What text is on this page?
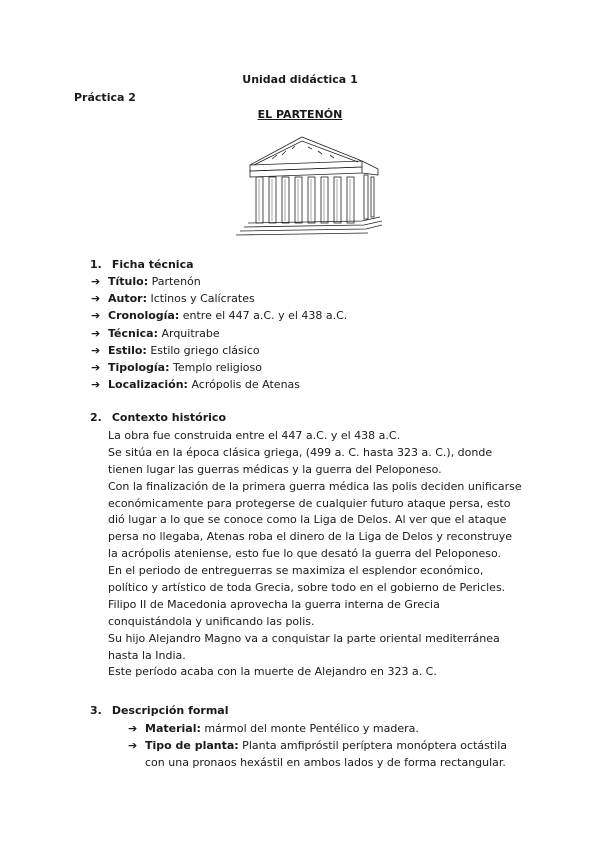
Unidad didáctica 1
Práctica 2
EL PARTENÓN
1. Ficha técnica
➔ Título: Partenón
➔ Autor: Ictinos y Calícrates
➔ Cronología: entre el 447 a.C. y el 438 a.C.
➔ Técnica: Arquitrabe
➔ Estilo: Estilo griego clásico
➔ Tipología: Templo religioso
➔ Localización: Acrópolis de Atenas
2. Contexto histórico
La obra fue construida entre el 447 a.C. y el 438 a.C.
Se sitúa en la época clásica griega, (499 a. C. hasta 323 a. C.), donde
tienen lugar las guerras médicas y la guerra del Peloponeso.
Con la finalización de la primera guerra médica las polis deciden unificarse
económicamente para protegerse de cualquier futuro ataque persa, esto
dió lugar a lo que se conoce como la Liga de Delos. Al ver que el ataque
persa no llegaba, Atenas roba el dinero de la Liga de Delos y reconstruye
la acrópolis ateniense, esto fue lo que desató la guerra del Peloponeso.
En el periodo de entreguerras se maximiza el esplendor económico,
político y artístico de toda Grecia, sobre todo en el gobierno de Pericles.
Filipo II de Macedonia aprovecha la guerra interna de Grecia
conquistándola y unificando las polis.
Su hijo Alejandro Magno va a conquistar la parte oriental mediterránea
hasta la India.
Este período acaba con la muerte de Alejandro en 323 a. C.
3. Descripción formal
➔ Material: mármol del monte Pentélico y madera.
➔ Tipo de planta: Planta amfipróstil períptera monóptera octástila
con una pronaos hexástil en ambos lados y de forma rectangular.
